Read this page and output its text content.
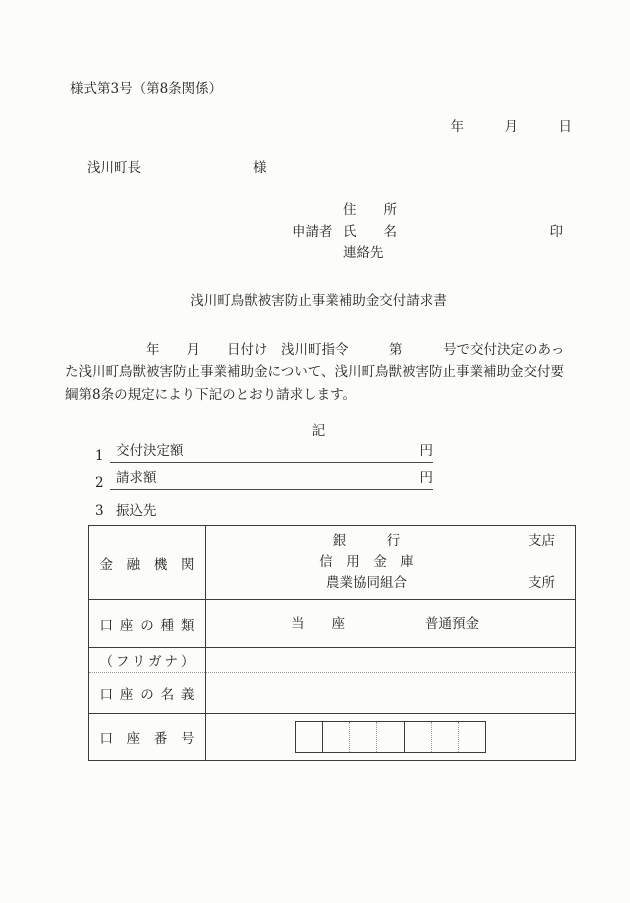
様式第3号（第8条関係）
年　　　月　　　日
浅川町長	様
住　　所
申請者 氏　　名	印
連絡先
浅川町鳥獣被害防止事業補助金交付請求書
　　　　　　年　　月　　日付け　浅川町指令　　　第　　　号で交付決定のあっ
た浅川町鳥獣被害防止事業補助金について、浅川町鳥獣被害防止事業補助金交付要
綱第8条の規定により下記のとおり請求します。
記
1 交付決定額	円
2 請求額	円
3 振込先
金融機関	銀　　　行 支店
信　用　金　庫
農業協同組合 支所

口座の種類	当　　座 普通預金

（フリガナ）	

口座の名義	

口座番号	
